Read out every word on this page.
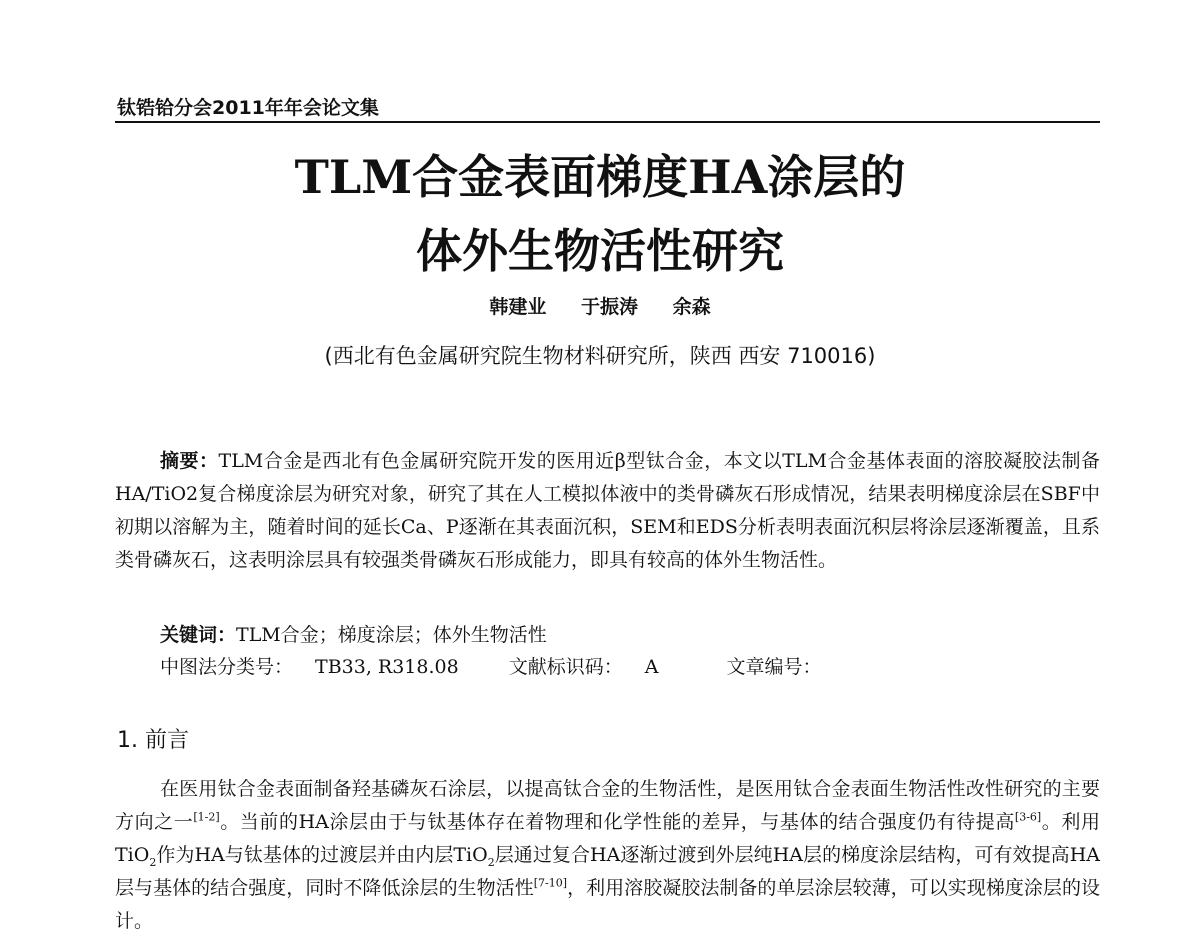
钛锆铪分会2011年年会论文集
TLM合金表面梯度HA涂层的
体外生物活性研究
韩建业 于振涛 余森
(西北有色金属研究院生物材料研究所，陕西 西安 710016)
摘要：TLM合金是西北有色金属研究院开发的医用近β型钛合金，本文以TLM合金基体表面的溶胶凝胶法制备HA/TiO2复合梯度涂层为研究对象，研究了其在人工模拟体液中的类骨磷灰石形成情况，结果表明梯度涂层在SBF中初期以溶解为主，随着时间的延长Ca、P逐渐在其表面沉积，SEM和EDS分析表明表面沉积层将涂层逐渐覆盖，且系类骨磷灰石，这表明涂层具有较强类骨磷灰石形成能力，即具有较高的体外生物活性。
关键词：TLM合金；梯度涂层；体外生物活性
中图法分类号： TB33, R318.08	文献标识码： A	文章编号：
1. 前言
在医用钛合金表面制备羟基磷灰石涂层，以提高钛合金的生物活性，是医用钛合金表面生物活性改性研究的主要方向之一[1-2]。当前的HA涂层由于与钛基体存在着物理和化学性能的差异，与基体的结合强度仍有待提高[3-6]。利用TiO$_2$作为HA与钛基体的过渡层并由内层TiO$_2$层通过复合HA逐渐过渡到外层纯HA层的梯度涂层结构，可有效提高HA层与基体的结合强度，同时不降低涂层的生物活性[7-10]，利用溶胶凝胶法制备的单层涂层较薄，可以实现梯度涂层的设计。
